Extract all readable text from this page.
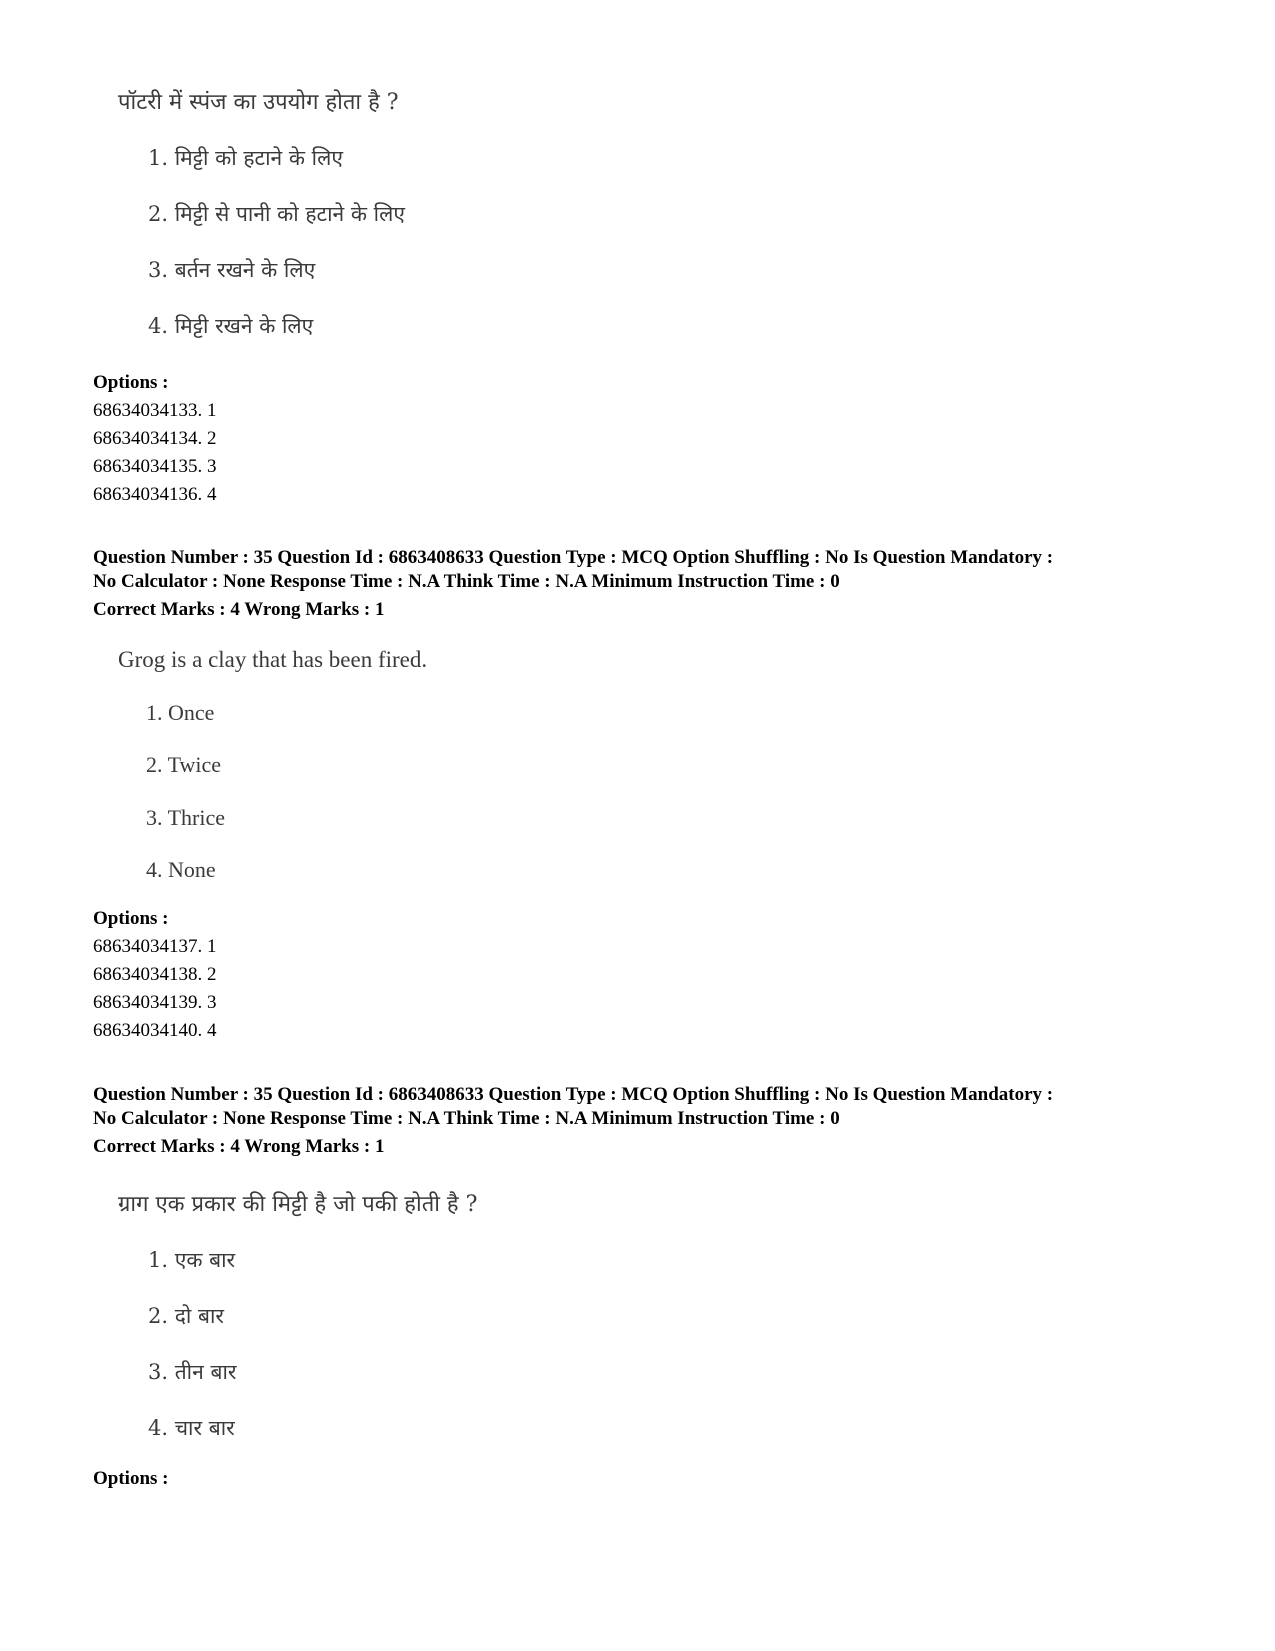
पॉटरी में स्पंज का उपयोग होता है ?
1. मिट्टी को हटाने के लिए
2. मिट्टी से पानी को हटाने के लिए
3. बर्तन रखने के लिए
4. मिट्टी रखने के लिए
Options :
68634034133. 1
68634034134. 2
68634034135. 3
68634034136. 4
Question Number : 35 Question Id : 6863408633 Question Type : MCQ Option Shuffling : No Is Question Mandatory :
No Calculator : None Response Time : N.A Think Time : N.A Minimum Instruction Time : 0
Correct Marks : 4 Wrong Marks : 1
Grog is a clay that has been fired.
1. Once
2. Twice
3. Thrice
4. None
Options :
68634034137. 1
68634034138. 2
68634034139. 3
68634034140. 4
Question Number : 35 Question Id : 6863408633 Question Type : MCQ Option Shuffling : No Is Question Mandatory :
No Calculator : None Response Time : N.A Think Time : N.A Minimum Instruction Time : 0
Correct Marks : 4 Wrong Marks : 1
ग्राग एक प्रकार की मिट्टी है जो पकी होती है ?
1. एक बार
2. दो बार
3. तीन बार
4. चार बार
Options :
